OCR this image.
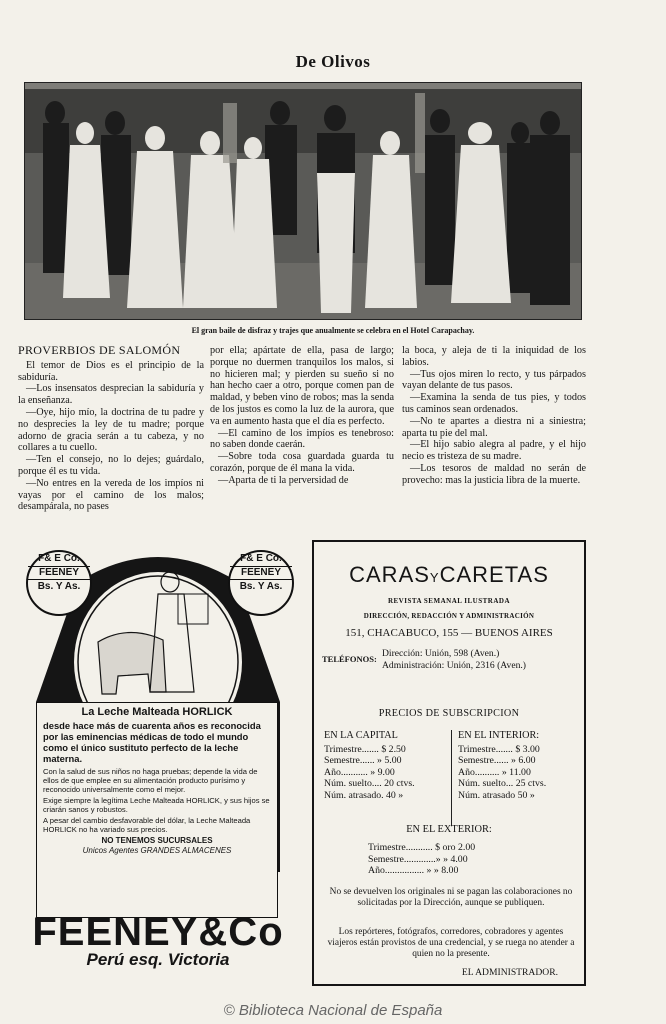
De Olivos
El gran baile de disfraz y trajes que anualmente se celebra en el Hotel Carapachay.

PROVERBIOS DE SALOMÓN

El temor de Dios es el principio de la sabiduría.

—Los insensatos desprecian la sabiduría y la enseñanza.

—Oye, hijo mío, la doctrina de tu padre y no desprecies la ley de tu madre; porque adorno de gracia serán a tu cabeza, y no collares a tu cuello.

—Ten el consejo, no lo dejes; guárdalo, porque él es tu vida.

—No entres en la vereda de los impíos ni vayas por el camino de los malos; desampárala, no pases

por ella; apártate de ella, pasa de largo; porque no duermen tranquilos los malos, si no hicieren mal; y pierden su sueño si no han hecho caer a otro, porque comen pan de maldad, y beben vino de robos; mas la senda de los justos es como la luz de la aurora, que va en aumento hasta que el día es perfecto.

—El camino de los impíos es tenebroso: no saben donde caerán.

—Sobre toda cosa guardada guarda tu corazón, porque de él mana la vida.

—Aparta de ti la perversidad de

la boca, y aleja de ti la iniquidad de los labios.

—Tus ojos miren lo recto, y tus párpados vayan delante de tus pasos.

—Examina la senda de tus pies, y todos tus caminos sean ordenados.

—No te apartes a diestra ni a siniestra; aparta tu pie del mal.

—El hijo sabio alegra al padre, y el hijo necio es tristeza de su madre.

—Los tesoros de maldad no serán de provecho: mas la justicia libra de la muerte.

F& E Co.
FEENEY
Bs. Y As.
F& E Co.
FEENEY
Bs. Y As.
La Leche Malteada HORLICK
desde hace más de cuarenta años es reconocida por las eminencias médicas de todo el mundo como el único sustituto perfecto de la leche materna.
Con la salud de sus niños no haga pruebas; depende la vida de ellos de que emplee en su alimentación producto purísimo y reconocido universalmente como el mejor.
Exige siempre la legítima Leche Malteada HORLICK, y sus hijos se criarán sanos y robustos.
A pesar del cambio desfavorable del dólar, la Leche Malteada HORLICK no ha variado sus precios.
NO TENEMOS SUCURSALES
Unicos Agentes GRANDES ALMACENES
FEENEY&Co
Perú esq. Victoria
CARASYCARETAS
REVISTA SEMANAL ILUSTRADA
DIRECCIÓN, REDACCIÓN Y ADMINISTRACIÓN
151, CHACABUCO, 155 — BUENOS AIRES
TELÉFONOS: Dirección: Unión, 598 (Aven.)
Administración: Unión, 2316 (Aven.)
PRECIOS DE SUBSCRIPCION
EN LA CAPITAL
Trimestre....... $ 2.50
Semestre...... » 5.00
Año........... » 9.00
Núm. suelto.... 20 ctvs.
Núm. atrasado. 40 »
EN EL INTERIOR:
Trimestre....... $ 3.00
Semestre...... » 6.00
Año.......... » 11.00
Núm. suelto... 25 ctvs.
Núm. atrasado 50 »
EN EL EXTERIOR:
Trimestre........... $ oro 2.00
Semestre.............» » 4.00
Año................ » » 8.00
No se devuelven los originales ni se pagan las colaboraciones no solicitadas por la Dirección, aunque se publiquen.
Los repórteres, fotógrafos, corredores, cobradores y agentes viajeros están provistos de una credencial, y se ruega no atender a quien no la presente.
EL ADMINISTRADOR.
© Biblioteca Nacional de España
